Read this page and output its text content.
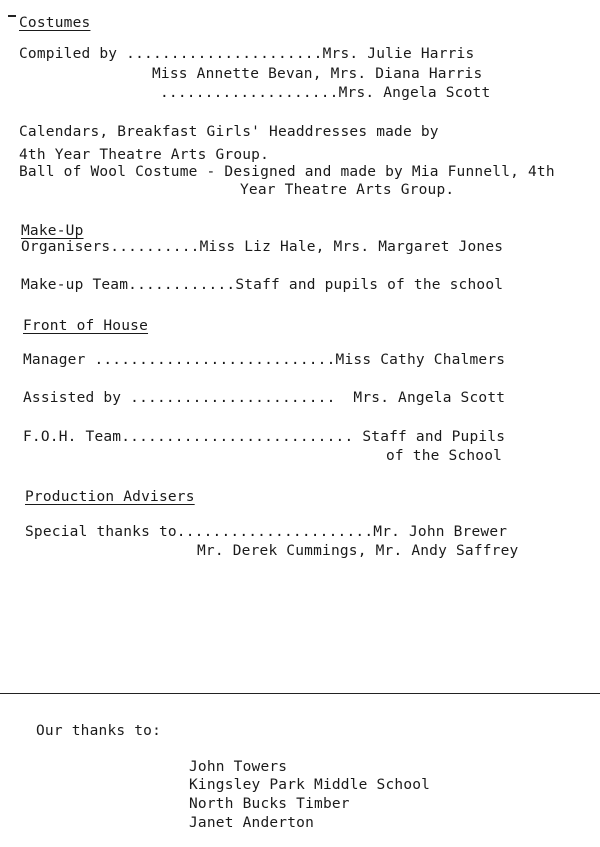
Costumes
Compiled by ......................Mrs. Julie Harris
Miss Annette Bevan, Mrs. Diana Harris
....................Mrs. Angela Scott
Calendars, Breakfast Girls' Headdresses made by
4th Year Theatre Arts Group.
Ball of Wool Costume - Designed and made by Mia Funnell, 4th
Year Theatre Arts Group.
Make-Up
Organisers..........Miss Liz Hale, Mrs. Margaret Jones
Make-up Team............Staff and pupils of the school
Front of House
Manager ...........................Miss Cathy Chalmers
Assisted by .......................  Mrs. Angela Scott
F.O.H. Team.......................... Staff and Pupils
of the School
Production Advisers
Special thanks to......................Mr. John Brewer
Mr. Derek Cummings, Mr. Andy Saffrey
Our thanks to:
John Towers
Kingsley Park Middle School
North Bucks Timber
Janet Anderton
